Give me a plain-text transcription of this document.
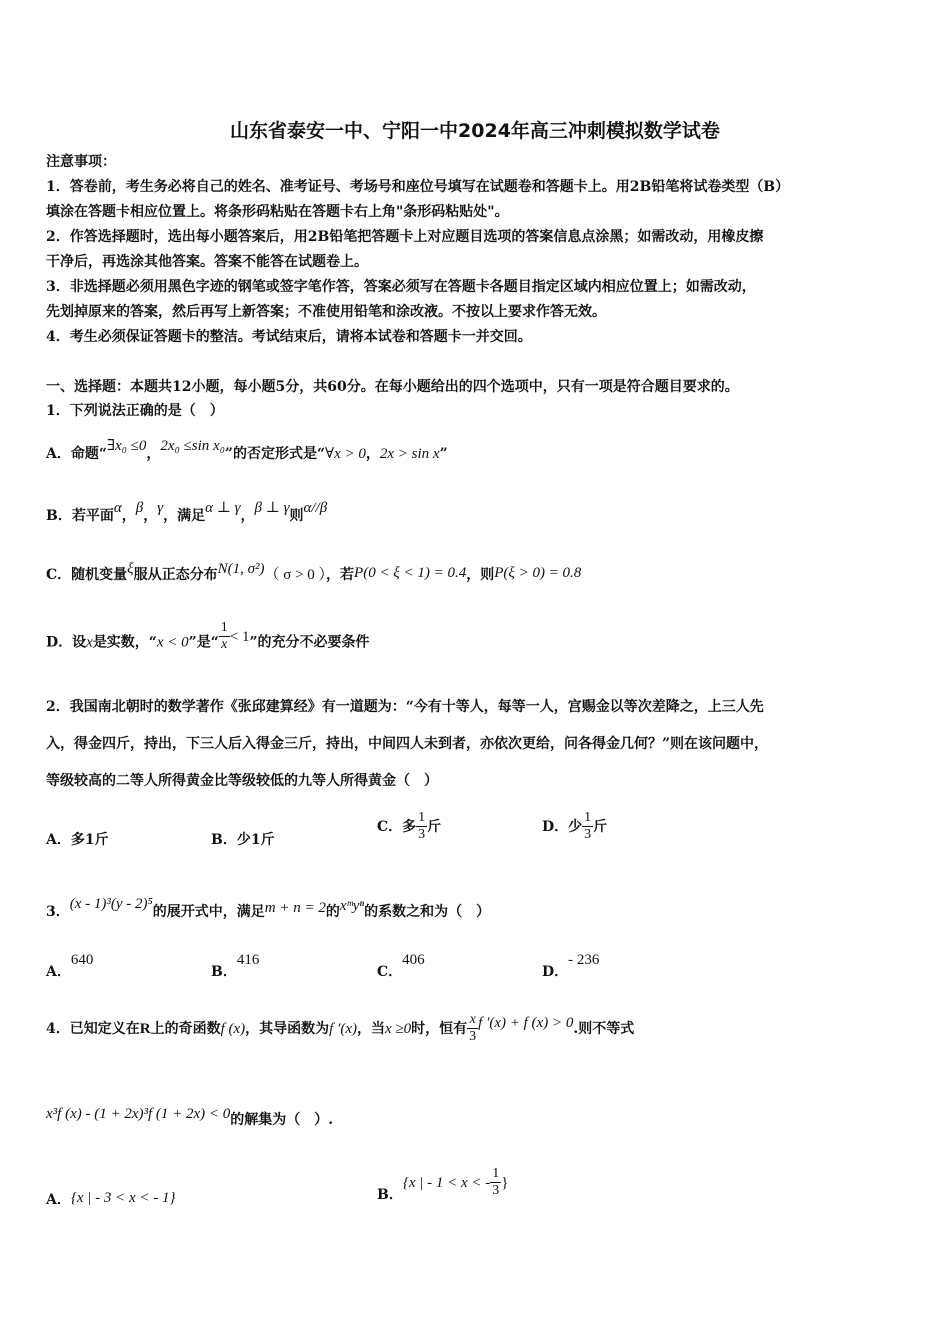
山东省泰安一中、宁阳一中2024年高三冲刺模拟数学试卷
注意事项：
1．答卷前，考生务必将自己的姓名、准考证号、考场号和座位号填写在试题卷和答题卡上。用2B铅笔将试卷类型（B）
填涂在答题卡相应位置上。将条形码粘贴在答题卡右上角"条形码粘贴处"。
2．作答选择题时，选出每小题答案后，用2B铅笔把答题卡上对应题目选项的答案信息点涂黑；如需改动，用橡皮擦
干净后，再选涂其他答案。答案不能答在试题卷上。
3．非选择题必须用黑色字迹的钢笔或签字笔作答，答案必须写在答题卡各题目指定区域内相应位置上；如需改动，
先划掉原来的答案，然后再写上新答案；不准使用铅笔和涂改液。不按以上要求作答无效。
4．考生必须保证答题卡的整洁。考试结束后，请将本试卷和答题卡一并交回。
一、选择题：本题共12小题，每小题5分，共60分。在每小题给出的四个选项中，只有一项是符合题目要求的。
1．下列说法正确的是（　）
A．命题“∃x₀ ≤0，2x₀ ≤sin x₀”的否定形式是“∀x > 0，2x > sin x”
B．若平面α，β，γ，满足α ⊥ γ，β ⊥ γ则α//β
C．随机变量ξ服从正态分布N(1, σ²)（ σ > 0 ），若P(0 < ξ < 1) = 0.4，则P(ξ > 0) = 0.8
D．设x是实数，“x < 0”是“ $\frac{1}{x} < 1$”的充分不必要条件
2．我国南北朝时的数学著作《张邱建算经》有一道题为：“今有十等人，每等一人，宫赐金以等次差降之，上三人先
入，得金四斤，持出，下三人后入得金三斤，持出，中间四人未到者，亦依次更给，问各得金几何？”则在该问题中，
等级较高的二等人所得黄金比等级较低的九等人所得黄金（　）
A．多1斤	B．少1斤
C．多 $\frac{1}{3}$ 斤	D．少 $\frac{1}{3}$ 斤
3．(x - 1)³(y - 2)⁵的展开式中，满足m + n = 2的xᵐyⁿ的系数之和为（　）
A．640
B．416
C．406
D．- 236
4．已知定义在R上的奇函数f (x)，其导函数为f ′(x)，当x ≥0时，恒有 $\frac{x}{3}$ f ′(x) + f (x) > 0.则不等式
x³f (x) - (1 + 2x)³f (1 + 2x) < 0的解集为（　）.
A．{x | - 3 < x < - 1}	B．{x | - 1 < x < - $\frac{1}{3}$ }
